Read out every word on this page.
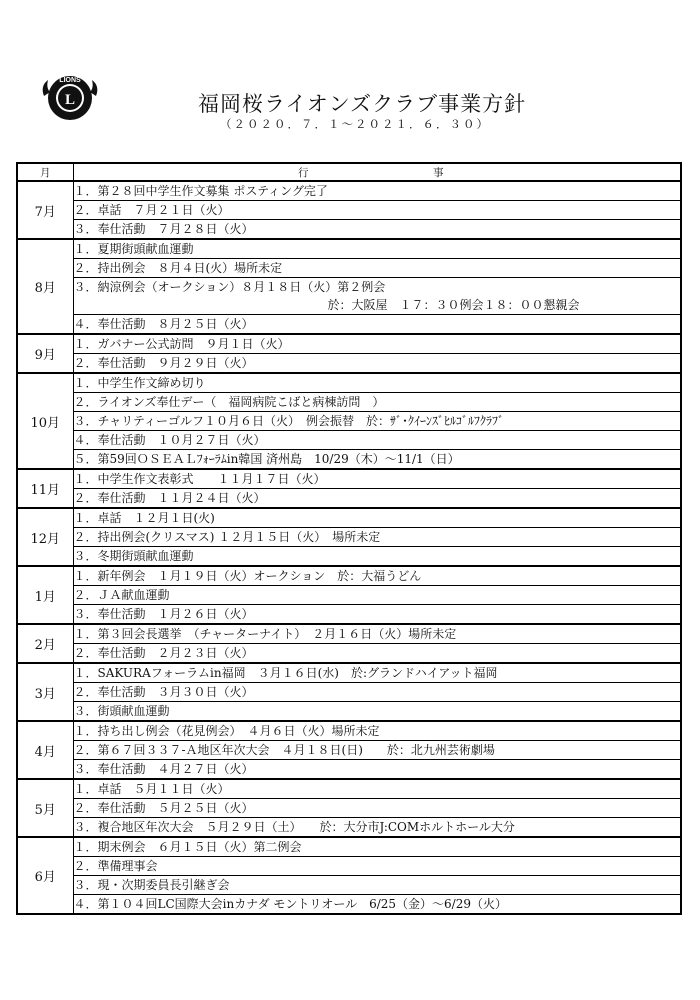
L
LIONS
福岡桜ライオンズクラブ事業方針
（２０２０．７．１～２０２１．６．３０）
月	行　　　　　事
7月	１．第２８回中学生作文募集 ポスティング完了
	２．卓話　７月２１日（火）
	３．奉仕活動　７月２８日（火）
8月	１．夏期街頭献血運動
	２．持出例会　８月４日(火）場所未定
	３．納涼例会（オークション）８月１８日（火）第２例会
於：大阪屋　１７：３０例会１８：００懇親会

	４．奉仕活動　８月２５日（火）
9月	１．ガバナー公式訪問　９月１日（火）
	２．奉仕活動　９月２９日（火）
10月	１．中学生作文締め切り
	２．ライオンズ奉仕デー（　福岡病院こばと病棟訪問　）
	３．チャリティーゴルフ１０月６日（火）　例会振替　於：ｻﾞ･ｸｲｰﾝｽﾞﾋﾙｺﾞﾙﾌｸﾗﾌﾞ
	４．奉仕活動　１０月２７日（火）
	５．第59回ＯＳＥＡＬﾌｫｰﾗﾑin韓国 済州島　10/29（木）～11/1（日）
11月	１．中学生作文表彰式　　１１月１７日（火）
	２．奉仕活動　１１月２４日（火）
12月	１．卓話　１２月１日(火)
	２．持出例会(クリスマス) １２月１５日（火）　場所未定
	３．冬期街頭献血運動
1月	１．新年例会　１月１９日（火）オークション　於：大福うどん
	２．ＪＡ献血運動
	３．奉仕活動　１月２６日（火）
2月	１．第３回会長選挙　（チャーターナイト）　２月１６日（火）場所未定
	２．奉仕活動　２月２３日（火）
3月	１．SAKURAフォーラムin福岡　３月１６日(水)　於:グランドハイアット福岡
	２．奉仕活動　３月３０日（火）
	３．街頭献血運動
4月	１．持ち出し例会（花見例会）　４月６日（火）場所未定
	２．第６７回３３７-Ａ地区年次大会　４月１８日(日)　　於：北九州芸術劇場
	３．奉仕活動　４月２７日（火）
5月	１．卓話　５月１１日（火）
	２．奉仕活動　５月２５日（火）
	３．複合地区年次大会　５月２９日（土）　　於：大分市J:COMホルトホール大分
6月	１．期末例会　６月１５日（火）第二例会
	２．準備理事会
	３．現・次期委員長引継ぎ会
	４．第１０４回LC国際大会inカナダ モントリオール　6/25（金）～6/29（火）
